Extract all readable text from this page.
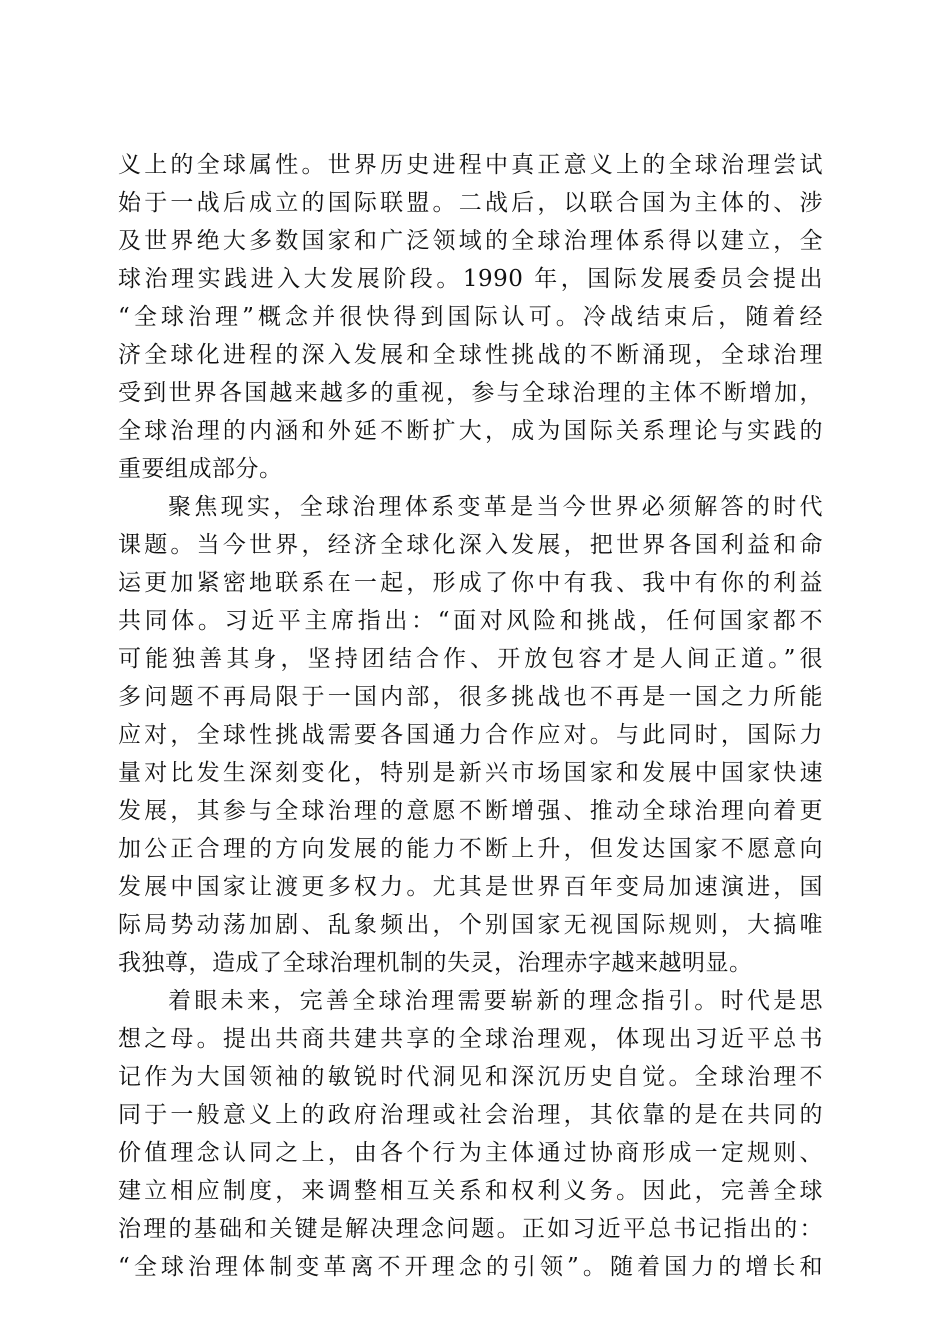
义上的全球属性。世界历史进程中真正意义上的全球治理尝试
始于一战后成立的国际联盟。二战后，以联合国为主体的、涉
及世界绝大多数国家和广泛领域的全球治理体系得以建立，全
球治理实践进入大发展阶段。1990 年，国际发展委员会提出
“全球治理”概念并很快得到国际认可。冷战结束后，随着经
济全球化进程的深入发展和全球性挑战的不断涌现，全球治理
受到世界各国越来越多的重视，参与全球治理的主体不断增加，
全球治理的内涵和外延不断扩大，成为国际关系理论与实践的
重要组成部分。
聚焦现实，全球治理体系变革是当今世界必须解答的时代
课题。当今世界，经济全球化深入发展，把世界各国利益和命
运更加紧密地联系在一起，形成了你中有我、我中有你的利益
共同体。习近平主席指出：“面对风险和挑战，任何国家都不
可能独善其身，坚持团结合作、开放包容才是人间正道。”很
多问题不再局限于一国内部，很多挑战也不再是一国之力所能
应对，全球性挑战需要各国通力合作应对。与此同时，国际力
量对比发生深刻变化，特别是新兴市场国家和发展中国家快速
发展，其参与全球治理的意愿不断增强、推动全球治理向着更
加公正合理的方向发展的能力不断上升，但发达国家不愿意向
发展中国家让渡更多权力。尤其是世界百年变局加速演进，国
际局势动荡加剧、乱象频出，个别国家无视国际规则，大搞唯
我独尊，造成了全球治理机制的失灵，治理赤字越来越明显。
着眼未来，完善全球治理需要崭新的理念指引。时代是思
想之母。提出共商共建共享的全球治理观，体现出习近平总书
记作为大国领袖的敏锐时代洞见和深沉历史自觉。全球治理不
同于一般意义上的政府治理或社会治理，其依靠的是在共同的
价值理念认同之上，由各个行为主体通过协商形成一定规则、
建立相应制度，来调整相互关系和权利义务。因此，完善全球
治理的基础和关键是解决理念问题。正如习近平总书记指出的：
“全球治理体制变革离不开理念的引领”。随着国力的增长和
